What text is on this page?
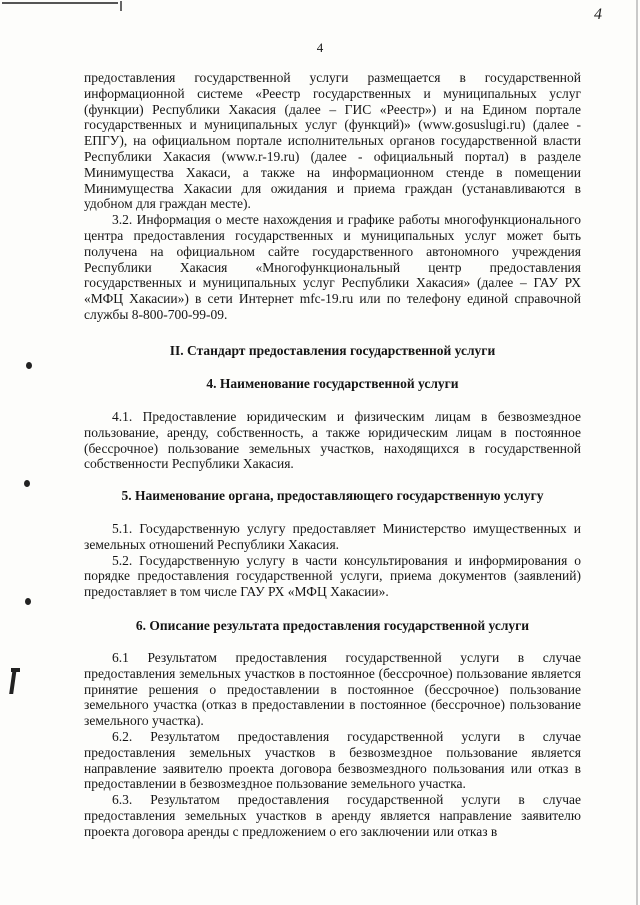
4
4

предоставления государственной услуги размещается в государственной информационной системе «Реестр государственных и муниципальных услуг (функции) Республики Хакасия (далее – ГИС «Реестр») и на Едином портале государственных и муниципальных услуг (функций)» (www.gosuslugi.ru) (далее - ЕПГУ), на официальном портале исполнительных органов государственной власти Республики Хакасия (www.r-19.ru) (далее - официальный портал) в разделе Минимущества Хакаси, а также на информационном стенде в помещении Минимущества Хакасии для ожидания и приема граждан (устанавливаются в удобном для граждан месте).

3.2. Информация о месте нахождения и графике работы многофункционального центра предоставления государственных и муниципальных услуг может быть получена на официальном сайте государственного автономного учреждения Республики Хакасия «Многофункциональный центр предоставления государственных и муниципальных услуг Республики Хакасия» (далее – ГАУ РХ «МФЦ Хакасии») в сети Интернет mfc-19.ru или по телефону единой справочной службы 8-800-700-99-09.

II. Стандарт предоставления государственной услуги

4. Наименование государственной услуги

4.1. Предоставление юридическим и физическим лицам в безвозмездное пользование, аренду, собственность, а также юридическим лицам в постоянное (бессрочное) пользование земельных участков, находящихся в государственной собственности Республики Хакасия.

5. Наименование органа, предоставляющего государственную услугу

5.1. Государственную услугу предоставляет Министерство имущественных и земельных отношений Республики Хакасия.

5.2. Государственную услугу в части консультирования и информирования о порядке предоставления государственной услуги, приема документов (заявлений) предоставляет в том числе ГАУ РХ «МФЦ Хакасии».

6. Описание результата предоставления государственной услуги

6.1 Результатом предоставления государственной услуги в случае предоставления земельных участков в постоянное (бессрочное) пользование является принятие решения о предоставлении в постоянное (бессрочное) пользование земельного участка (отказ в предоставлении в постоянное (бессрочное) пользование земельного участка).

6.2. Результатом предоставления государственной услуги в случае предоставления земельных участков в безвозмездное пользование является направление заявителю проекта договора безвозмездного пользования или отказ в предоставлении в безвозмездное пользование земельного участка.

6.3. Результатом предоставления государственной услуги в случае предоставления земельных участков в аренду является направление заявителю проекта договора аренды с предложением о его заключении или отказ в
